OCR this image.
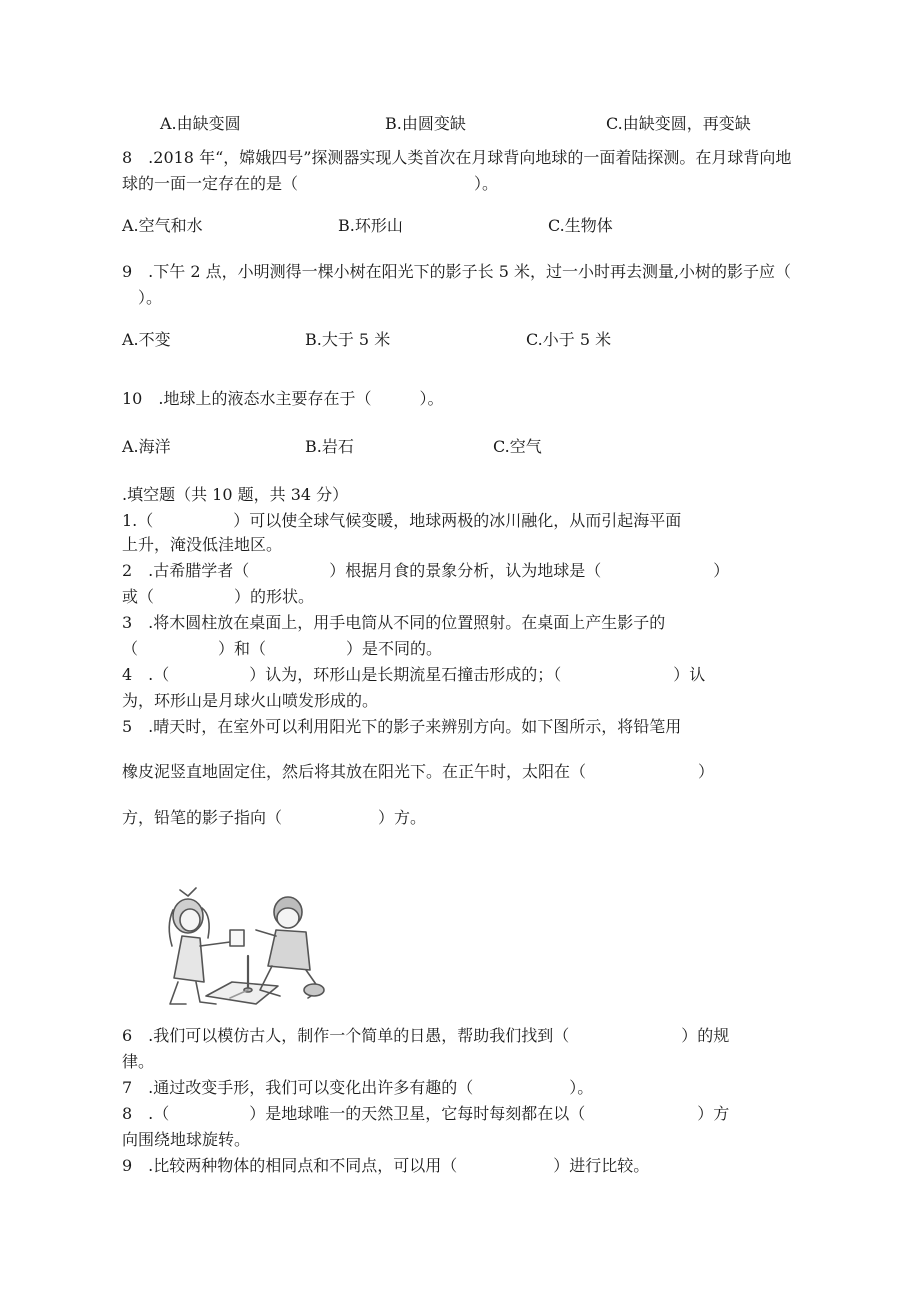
A.由缺变圆	B.由圆变缺	C.由缺变圆，再变缺
8　.2018 年“，嫦娥四号”探测器实现人类首次在月球背向地球的一面着陆探测。在月球背向地
球的一面一定存在的是（　　　　　　　　　　　）。
A.空气和水	B.环形山	C.生物体
9　.下午 2 点，小明测得一棵小树在阳光下的影子长 5 米，过一小时再去测量,小树的影子应（
　）。
A.不变	B.大于 5 米	C.小于 5 米
10　.地球上的液态水主要存在于（　　　）。
A.海洋	B.岩石	C.空气
.填空题（共 10 题，共 34 分）
1.（　　　　　）可以使全球气候变暖，地球两极的冰川融化，从而引起海平面
上升，淹没低洼地区。
2　.古希腊学者（　　　　　）根据月食的景象分析，认为地球是（　　　　　　　）
或（　　　　　）的形状。
3　.将木圆柱放在桌面上，用手电筒从不同的位置照射。在桌面上产生影子的
（　　　　　）和（　　　　　）是不同的。
4　.（　　　　　）认为，环形山是长期流星石撞击形成的；（　　　　　　　）认
为，环形山是月球火山喷发形成的。
5　.晴天时，在室外可以利用阳光下的影子来辨别方向。如下图所示，将铅笔用
橡皮泥竖直地固定住，然后将其放在阳光下。在正午时，太阳在（　　　　　　　）
方，铅笔的影子指向（　　　　　　）方。
6　.我们可以模仿古人，制作一个简单的日愚，帮助我们找到（　　　　　　　）的规
律。
7　.通过改变手形，我们可以变化出许多有趣的（　　　　　　）。
8　.（　　　　　）是地球唯一的天然卫星，它每时每刻都在以（　　　　　　　）方
向围绕地球旋转。
9　.比较两种物体的相同点和不同点，可以用（　　　　　　）进行比较。
